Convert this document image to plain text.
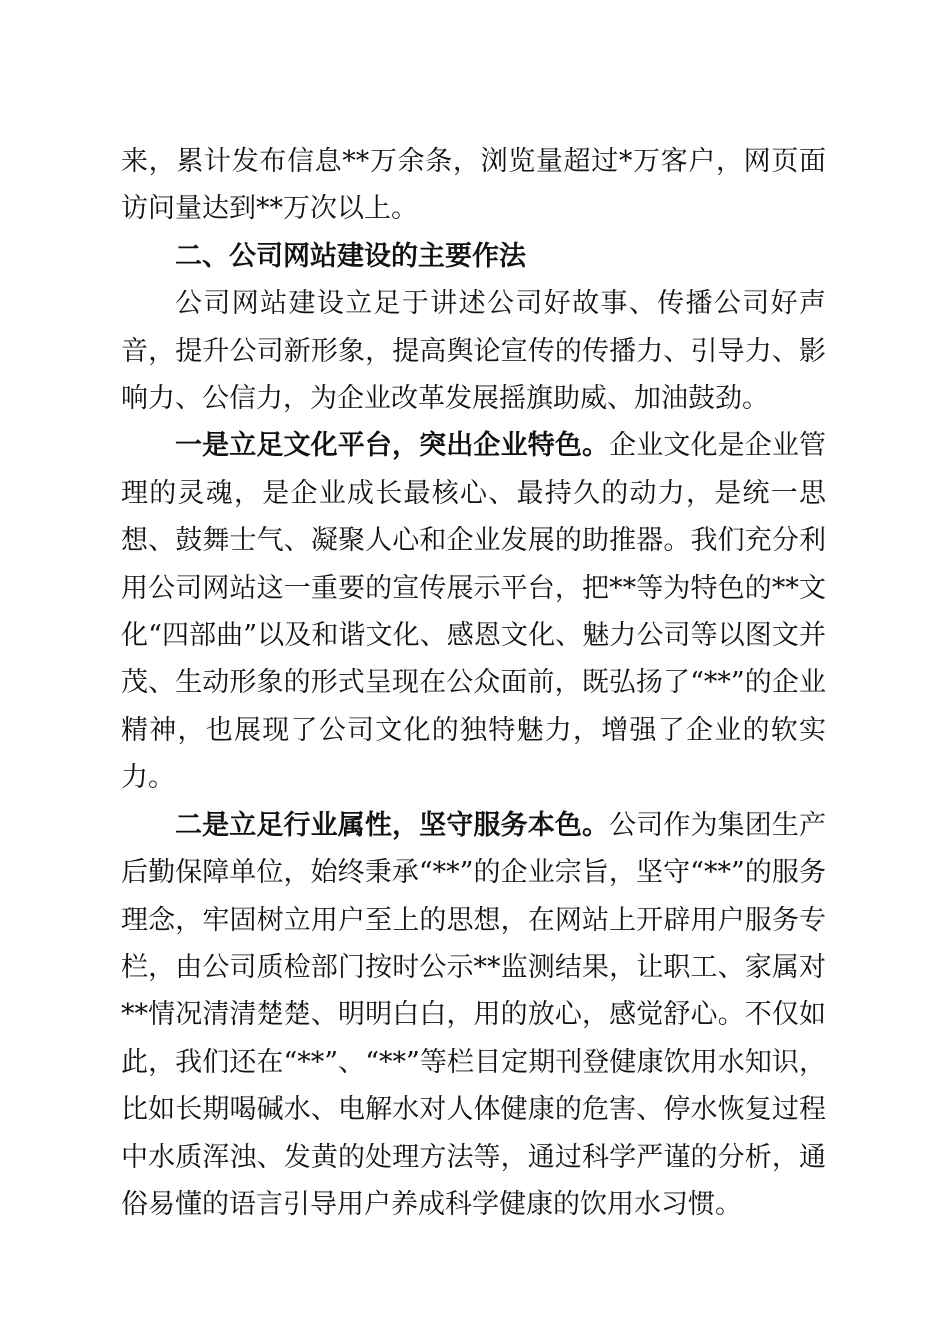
来，累计发布信息**万余条，浏览量超过*万客户，网页面访问量达到**万次以上。

二、公司网站建设的主要作法

公司网站建设立足于讲述公司好故事、传播公司好声音，提升公司新形象，提高舆论宣传的传播力、引导力、影响力、公信力，为企业改革发展摇旗助威、加油鼓劲。

一是立足文化平台，突出企业特色。企业文化是企业管理的灵魂，是企业成长最核心、最持久的动力，是统一思想、鼓舞士气、凝聚人心和企业发展的助推器。我们充分利用公司网站这一重要的宣传展示平台，把**等为特色的**文化“四部曲”以及和谐文化、感恩文化、魅力公司等以图文并茂、生动形象的形式呈现在公众面前，既弘扬了“**”的企业精神，也展现了公司文化的独特魅力，增强了企业的软实力。

二是立足行业属性，坚守服务本色。公司作为集团生产后勤保障单位，始终秉承“**”的企业宗旨，坚守“**”的服务理念，牢固树立用户至上的思想，在网站上开辟用户服务专栏，由公司质检部门按时公示**监测结果，让职工、家属对**情况清清楚楚、明明白白，用的放心，感觉舒心。不仅如此，我们还在“**”、“**”等栏目定期刊登健康饮用水知识，比如长期喝碱水、电解水对人体健康的危害、停水恢复过程中水质浑浊、发黄的处理方法等，通过科学严谨的分析，通俗易懂的语言引导用户养成科学健康的饮用水习惯。
